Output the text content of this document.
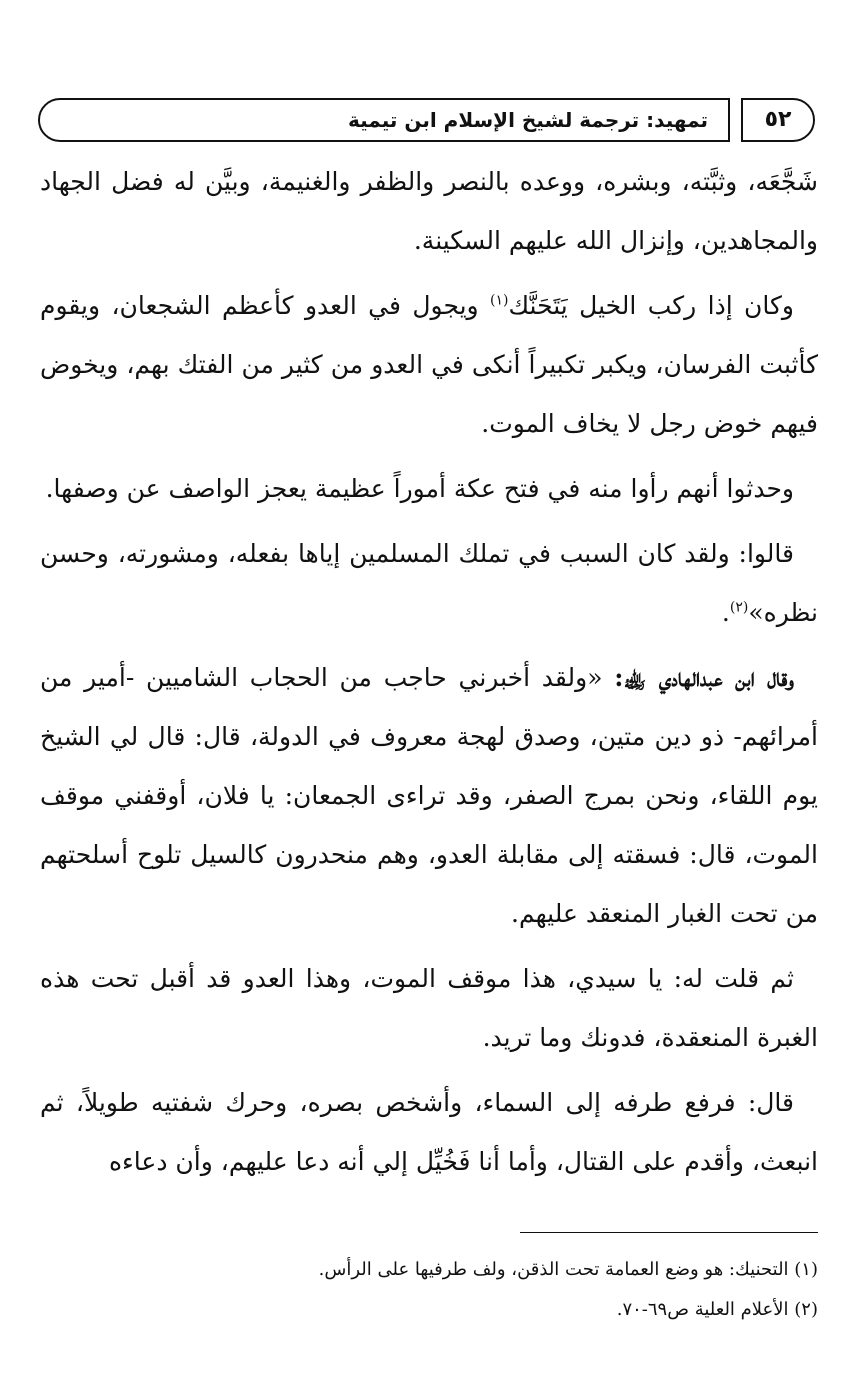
تمهيد: ترجمة لشيخ الإسلام ابن تيمية	٥٢

شَجَّعَه، وثبَّته، وبشره، ووعده بالنصر والظفر والغنيمة، وبيَّن له فضل الجهاد والمجاهدين، وإنزال الله عليهم السكينة.

وكان إذا ركب الخيل يَتَحَنَّك$^{(١)}$ ويجول في العدو كأعظم الشجعان، ويقوم كأثبت الفرسان، ويكبر تكبيراً أنكى في العدو من كثير من الفتك بهم، ويخوض فيهم خوض رجل لا يخاف الموت.

وحدثوا أنهم رأوا منه في فتح عكة أموراً عظيمة يعجز الواصف عن وصفها.

قالوا: ولقد كان السبب في تملك المسلمين إياها بفعله، ومشورته، وحسن نظره»$^{(٢)}$.

وقال ابن عبدالهادي ﵀: «ولقد أخبرني حاجب من الحجاب الشاميين -أمير من أمرائهم- ذو دين متين، وصدق لهجة معروف في الدولة، قال: قال لي الشيخ يوم اللقاء، ونحن بمرج الصفر، وقد تراءى الجمعان: يا فلان، أوقفني موقف الموت، قال: فسقته إلى مقابلة العدو، وهم منحدرون كالسيل تلوح أسلحتهم من تحت الغبار المنعقد عليهم.

ثم قلت له: يا سيدي، هذا موقف الموت، وهذا العدو قد أقبل تحت هذه الغبرة المنعقدة، فدونك وما تريد.

قال: فرفع طرفه إلى السماء، وأشخص بصره، وحرك شفتيه طويلاً، ثم انبعث، وأقدم على القتال، وأما أنا فَخُيِّل إلي أنه دعا عليهم، وأن دعاءه

(١) التحنيك: هو وضع العمامة تحت الذقن، ولف طرفيها على الرأس.

(٢) الأعلام العلية ص٦٩-٧٠.
